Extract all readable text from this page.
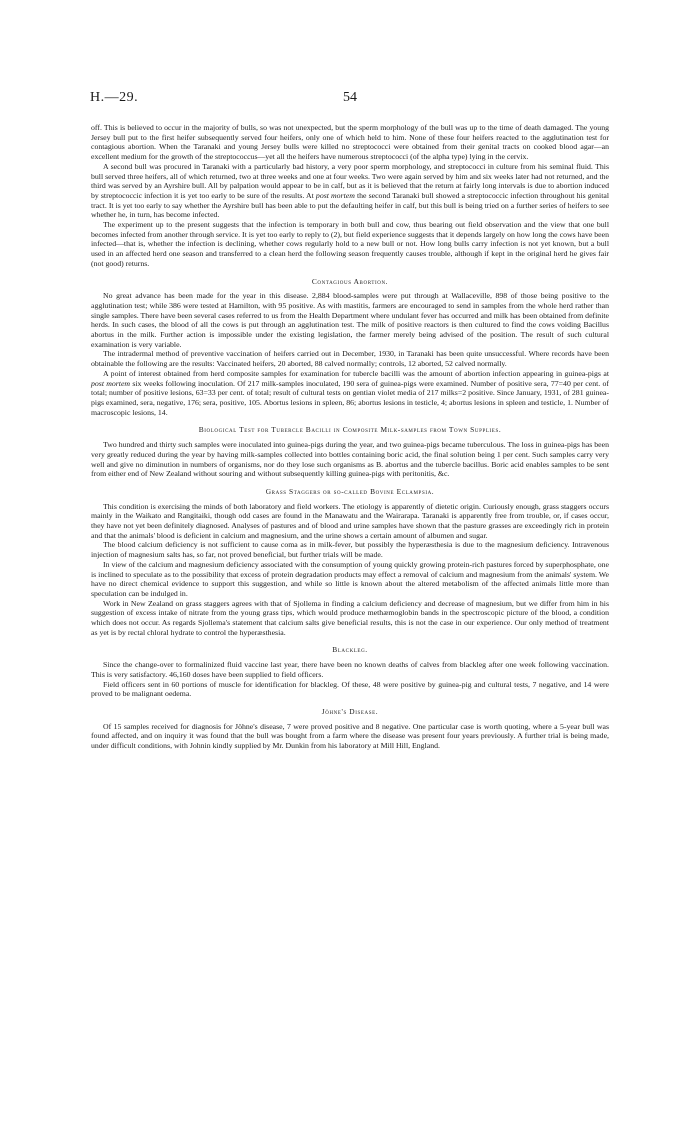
H.—29.	54

off. This is believed to occur in the majority of bulls, so was not unexpected, but the sperm morphology of the bull was up to the time of death damaged. The young Jersey bull put to the first heifer subsequently served four heifers, only one of which held to him. None of these four heifers reacted to the agglutination test for contagious abortion. When the Taranaki and young Jersey bulls were killed no streptococci were obtained from their genital tracts on cooked blood agar—an excellent medium for the growth of the streptococcus—yet all the heifers have numerous streptococci (of the alpha type) lying in the cervix.

A second bull was procured in Taranaki with a particularly bad history, a very poor sperm morphology, and streptococci in culture from his seminal fluid. This bull served three heifers, all of which returned, two at three weeks and one at four weeks. Two were again served by him and six weeks later had not returned, and the third was served by an Ayrshire bull. All by palpation would appear to be in calf, but as it is believed that the return at fairly long intervals is due to abortion induced by streptococcic infection it is yet too early to be sure of the results. At post mortem the second Taranaki bull showed a streptococcic infection throughout his genital tract. It is yet too early to say whether the Ayrshire bull has been able to put the defaulting heifer in calf, but this bull is being tried on a further series of heifers to see whether he, in turn, has become infected.

The experiment up to the present suggests that the infection is temporary in both bull and cow, thus bearing out field observation and the view that one bull becomes infected from another through service. It is yet too early to reply to (2), but field experience suggests that it depends largely on how long the cows have been infected—that is, whether the infection is declining, whether cows regularly hold to a new bull or not. How long bulls carry infection is not yet known, but a bull used in an affected herd one season and transferred to a clean herd the following season frequently causes trouble, although if kept in the original herd he gives fair (not good) returns.

Contagious Abortion.

No great advance has been made for the year in this disease. 2,884 blood-samples were put through at Wallaceville, 898 of those being positive to the agglutination test; while 386 were tested at Hamilton, with 95 positive. As with mastitis, farmers are encouraged to send in samples from the whole herd rather than single samples. There have been several cases referred to us from the Health Department where undulant fever has occurred and milk has been obtained from definite herds. In such cases, the blood of all the cows is put through an agglutination test. The milk of positive reactors is then cultured to find the cows voiding Bacillus abortus in the milk. Further action is impossible under the existing legislation, the farmer merely being advised of the position. The result of such cultural examination is very variable.

The intradermal method of preventive vaccination of heifers carried out in December, 1930, in Taranaki has been quite unsuccessful. Where records have been obtainable the following are the results: Vaccinated heifers, 20 aborted, 88 calved normally; controls, 12 aborted, 52 calved normally.

A point of interest obtained from herd composite samples for examination for tubercle bacilli was the amount of abortion infection appearing in guinea-pigs at post mortem six weeks following inoculation. Of 217 milk-samples inoculated, 190 sera of guinea-pigs were examined. Number of positive sera, 77=40 per cent. of total; number of positive lesions, 63=33 per cent. of total; result of cultural tests on gentian violet media of 217 milks=2 positive. Since January, 1931, of 281 guinea-pigs examined, sera, negative, 176; sera, positive, 105. Abortus lesions in spleen, 86; abortus lesions in testicle, 4; abortus lesions in spleen and testicle, 1. Number of macroscopic lesions, 14.

Biological Test for Tubercle Bacilli in Composite Milk-samples from Town Supplies.

Two hundred and thirty such samples were inoculated into guinea-pigs during the year, and two guinea-pigs became tuberculous. The loss in guinea-pigs has been very greatly reduced during the year by having milk-samples collected into bottles containing boric acid, the final solution being 1 per cent. Such samples carry very well and give no diminution in numbers of organisms, nor do they lose such organisms as B. abortus and the tubercle bacillus. Boric acid enables samples to be sent from either end of New Zealand without souring and without subsequently killing guinea-pigs with peritonitis, &c.

Grass Staggers or so-called Bovine Eclampsia.

This condition is exercising the minds of both laboratory and field workers. The etiology is apparently of dietetic origin. Curiously enough, grass staggers occurs mainly in the Waikato and Rangitaiki, though odd cases are found in the Manawatu and the Wairarapa. Taranaki is apparently free from trouble, or, if cases occur, they have not yet been definitely diagnosed. Analyses of pastures and of blood and urine samples have shown that the pasture grasses are exceedingly rich in protein and that the animals' blood is deficient in calcium and magnesium, and the urine shows a certain amount of albumen and sugar.

The blood calcium deficiency is not sufficient to cause coma as in milk-fever, but possibly the hyperæsthesia is due to the magnesium deficiency. Intravenous injection of magnesium salts has, so far, not proved beneficial, but further trials will be made.

In view of the calcium and magnesium deficiency associated with the consumption of young quickly growing protein-rich pastures forced by superphosphate, one is inclined to speculate as to the possibility that excess of protein degradation products may effect a removal of calcium and magnesium from the animals' system. We have no direct chemical evidence to support this suggestion, and while so little is known about the altered metabolism of the affected animals little more than speculation can be indulged in.

Work in New Zealand on grass staggers agrees with that of Sjollema in finding a calcium deficiency and decrease of magnesium, but we differ from him in his suggestion of excess intake of nitrate from the young grass tips, which would produce methæmoglobin bands in the spectroscopic picture of the blood, a condition which does not occur. As regards Sjollema's statement that calcium salts give beneficial results, this is not the case in our experience. Our only method of treatment as yet is by rectal chloral hydrate to control the hyperæsthesia.

Blackleg.

Since the change-over to formalinized fluid vaccine last year, there have been no known deaths of calves from blackleg after one week following vaccination. This is very satisfactory. 46,160 doses have been supplied to field officers.

Field officers sent in 60 portions of muscle for identification for blackleg. Of these, 48 were positive by guinea-pig and cultural tests, 7 negative, and 14 were proved to be malignant oedema.

Jöhne's Disease.

Of 15 samples received for diagnosis for Jöhne's disease, 7 were proved positive and 8 negative. One particular case is worth quoting, where a 5-year bull was found affected, and on inquiry it was found that the bull was bought from a farm where the disease was present four years previously. A further trial is being made, under difficult conditions, with Johnin kindly supplied by Mr. Dunkin from his laboratory at Mill Hill, England.
